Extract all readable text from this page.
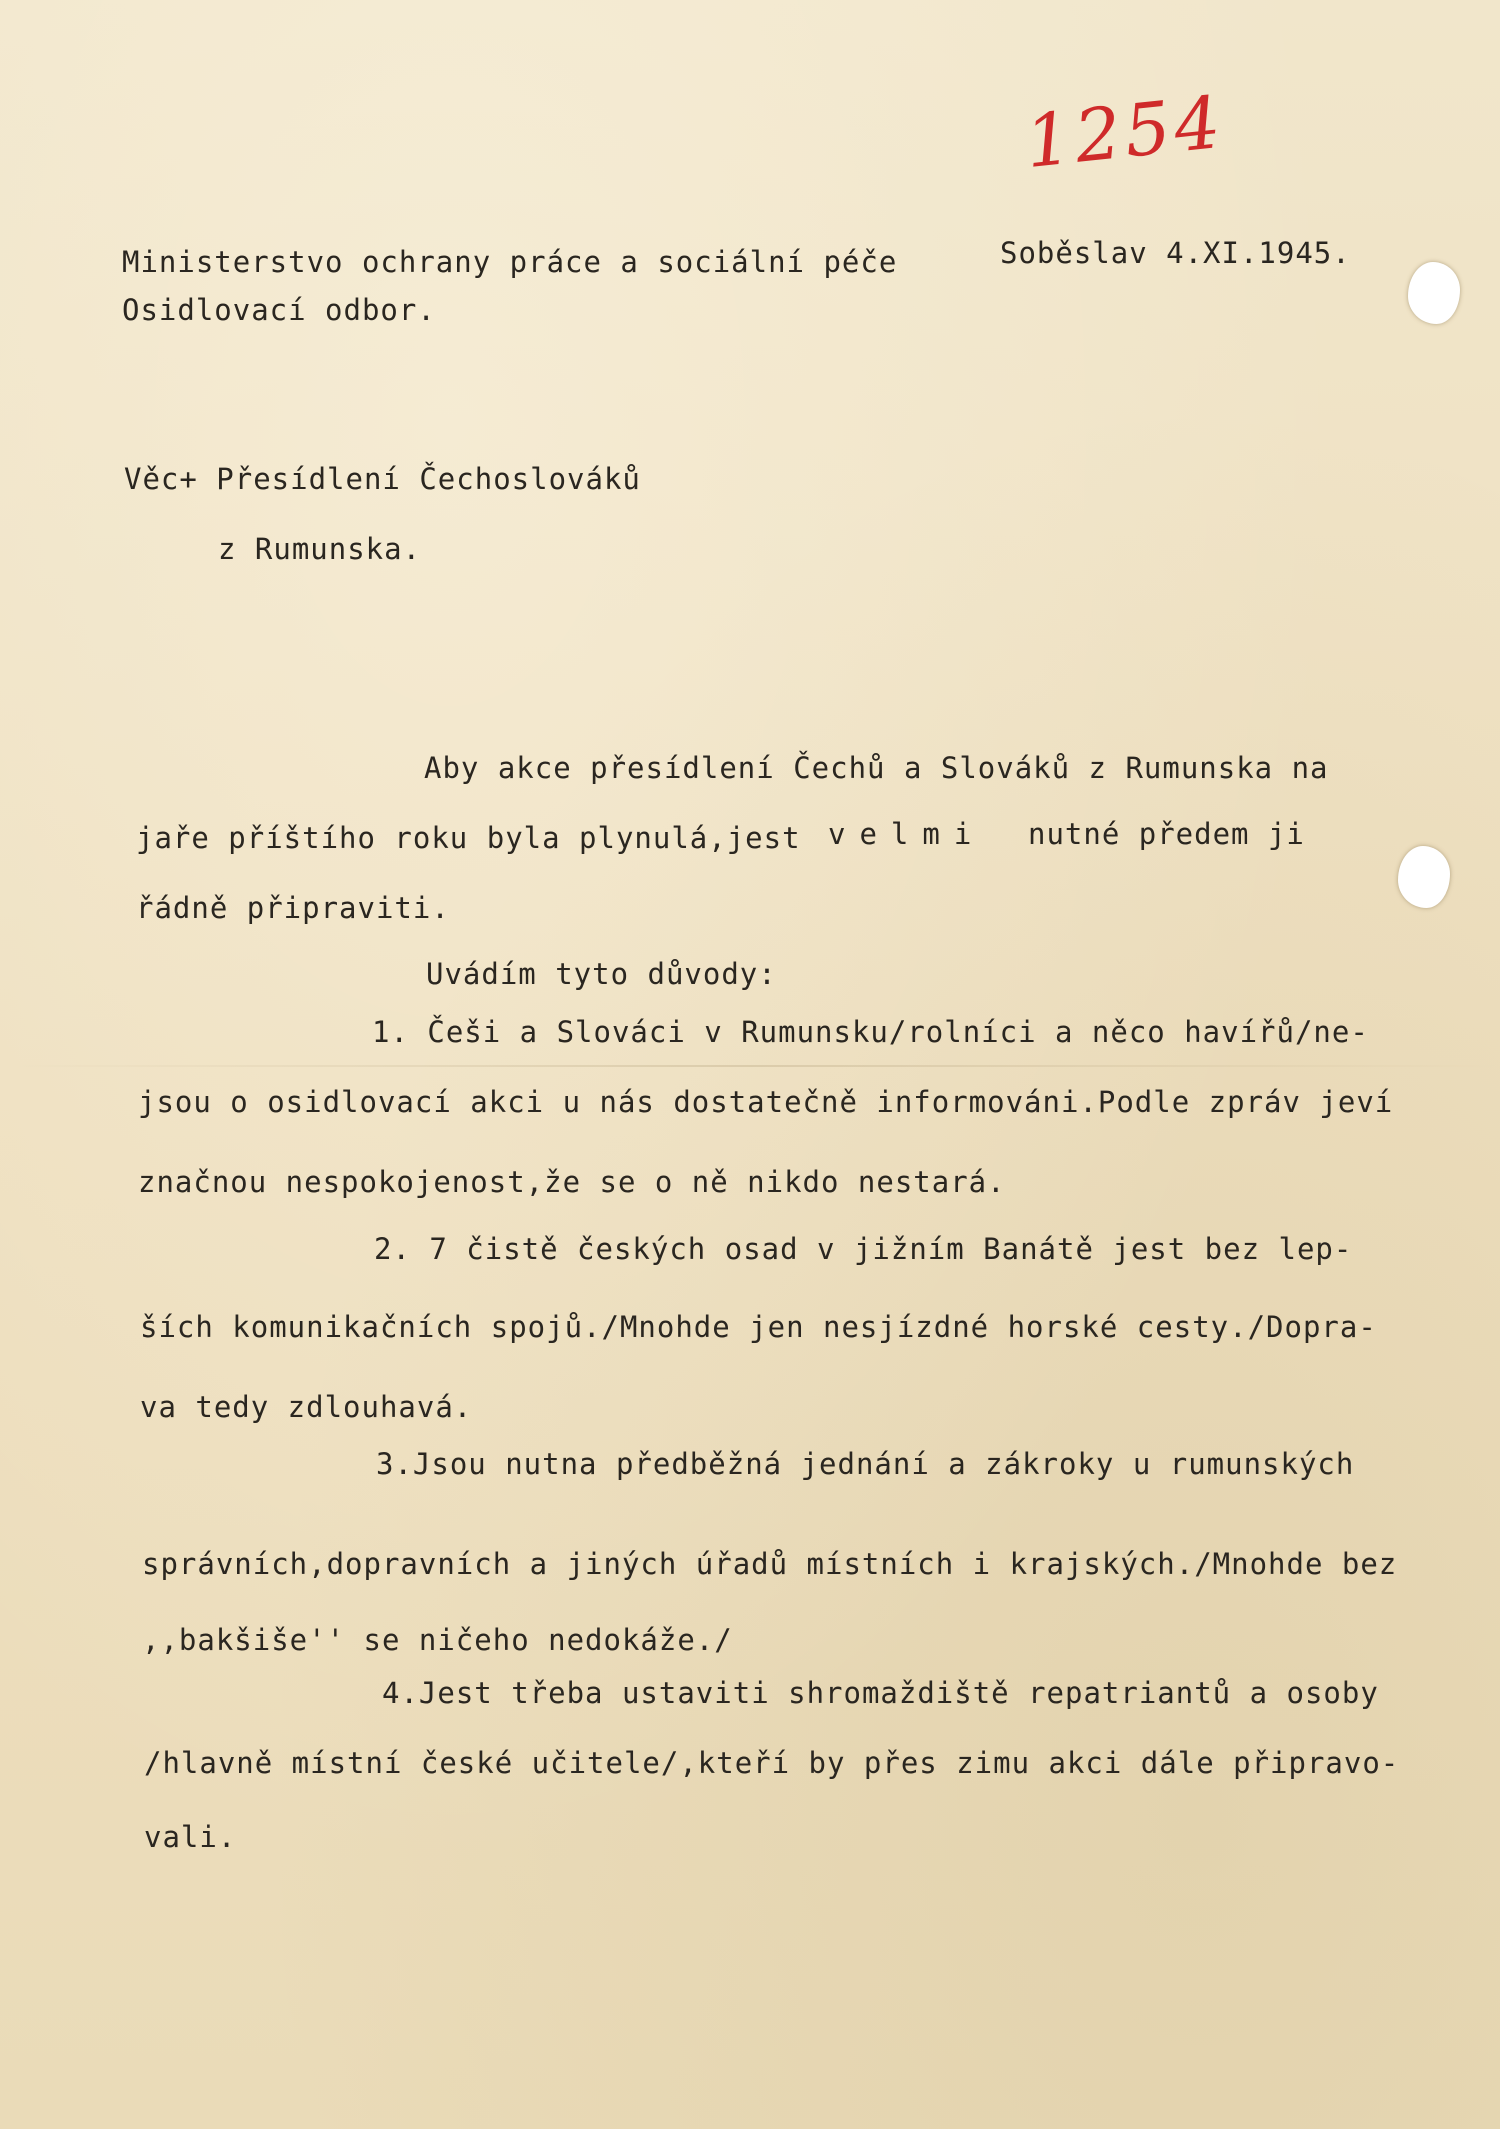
1254
Ministerstvo ochrany práce a sociální péče	Soběslav 4.XI.1945.
Osidlovací odbor.
Věc+ Přesídlení Čechoslováků
z Rumunska.
Aby akce přesídlení Čechů a Slováků z Rumunska na
jaře příštího roku byla plynulá,jest velmi nutné předem ji
řádně připraviti.
Uvádím tyto důvody:
1. Češi a Slováci v Rumunsku/rolníci a něco havířů/ne-
jsou o osidlovací akci u nás dostatečně informováni.Podle zpráv jeví
značnou nespokojenost,že se o ně nikdo nestará.
2. 7 čistě českých osad v jižním Banátě jest bez lep-
ších komunikačních spojů./Mnohde jen nesjízdné horské cesty./Dopra-
va tedy zdlouhavá.
3.Jsou nutna předběžná jednání a zákroky u rumunských
správních,dopravních a jiných úřadů místních i krajských./Mnohde bez
,,bakšiše'' se ničeho nedokáže./
4.Jest třeba ustaviti shromaždiště repatriantů a osoby
/hlavně místní české učitele/,kteří by přes zimu akci dále připravo-
vali.
